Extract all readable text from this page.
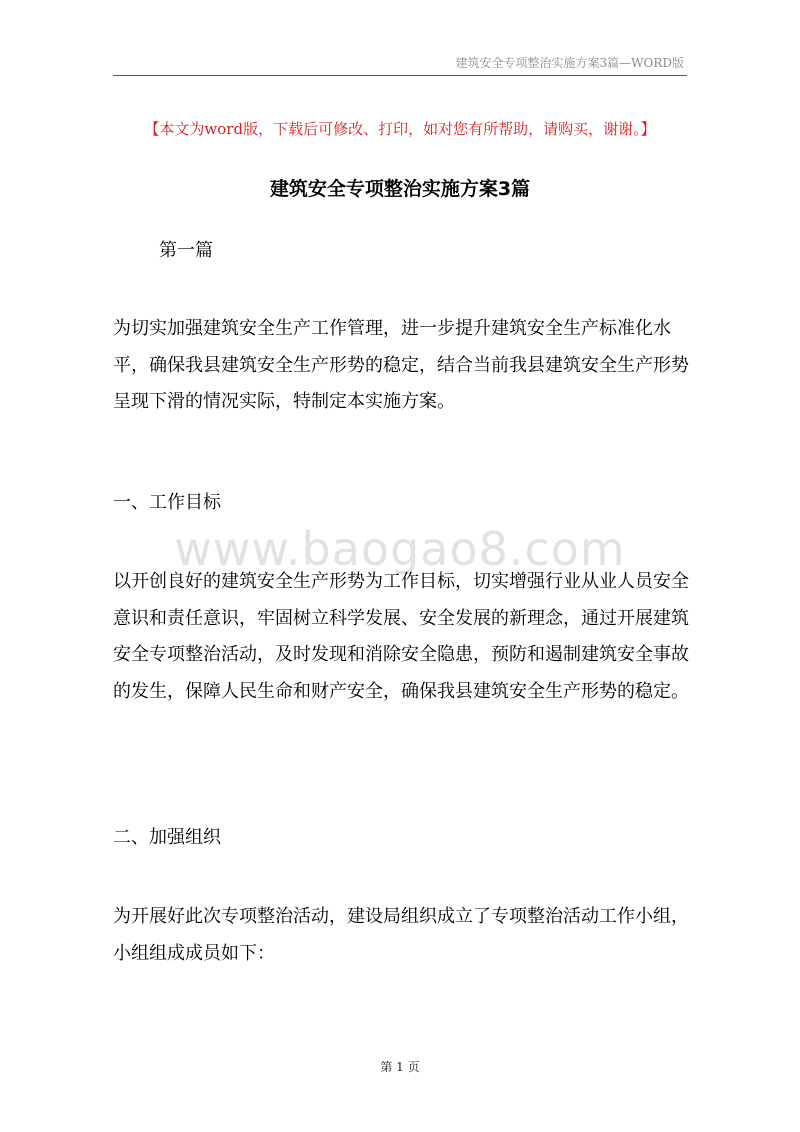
建筑安全专项整治实施方案3篇—WORD版
【本文为word版，下载后可修改、打印，如对您有所帮助，请购买，谢谢。】
建筑安全专项整治实施方案3篇
第一篇

为切实加强建筑安全生产工作管理，进一步提升建筑安全生产标准化水平，确保我县建筑安全生产形势的稳定，结合当前我县建筑安全生产形势呈现下滑的情况实际，特制定本实施方案。

一、工作目标
www.baogao8.com

以开创良好的建筑安全生产形势为工作目标，切实增强行业从业人员安全意识和责任意识，牢固树立科学发展、安全发展的新理念，通过开展建筑安全专项整治活动，及时发现和消除安全隐患，预防和遏制建筑安全事故的发生，保障人民生命和财产安全，确保我县建筑安全生产形势的稳定。

二、加强组织

为开展好此次专项整治活动，建设局组织成立了专项整治活动工作小组，小组组成成员如下：

第 1 页
